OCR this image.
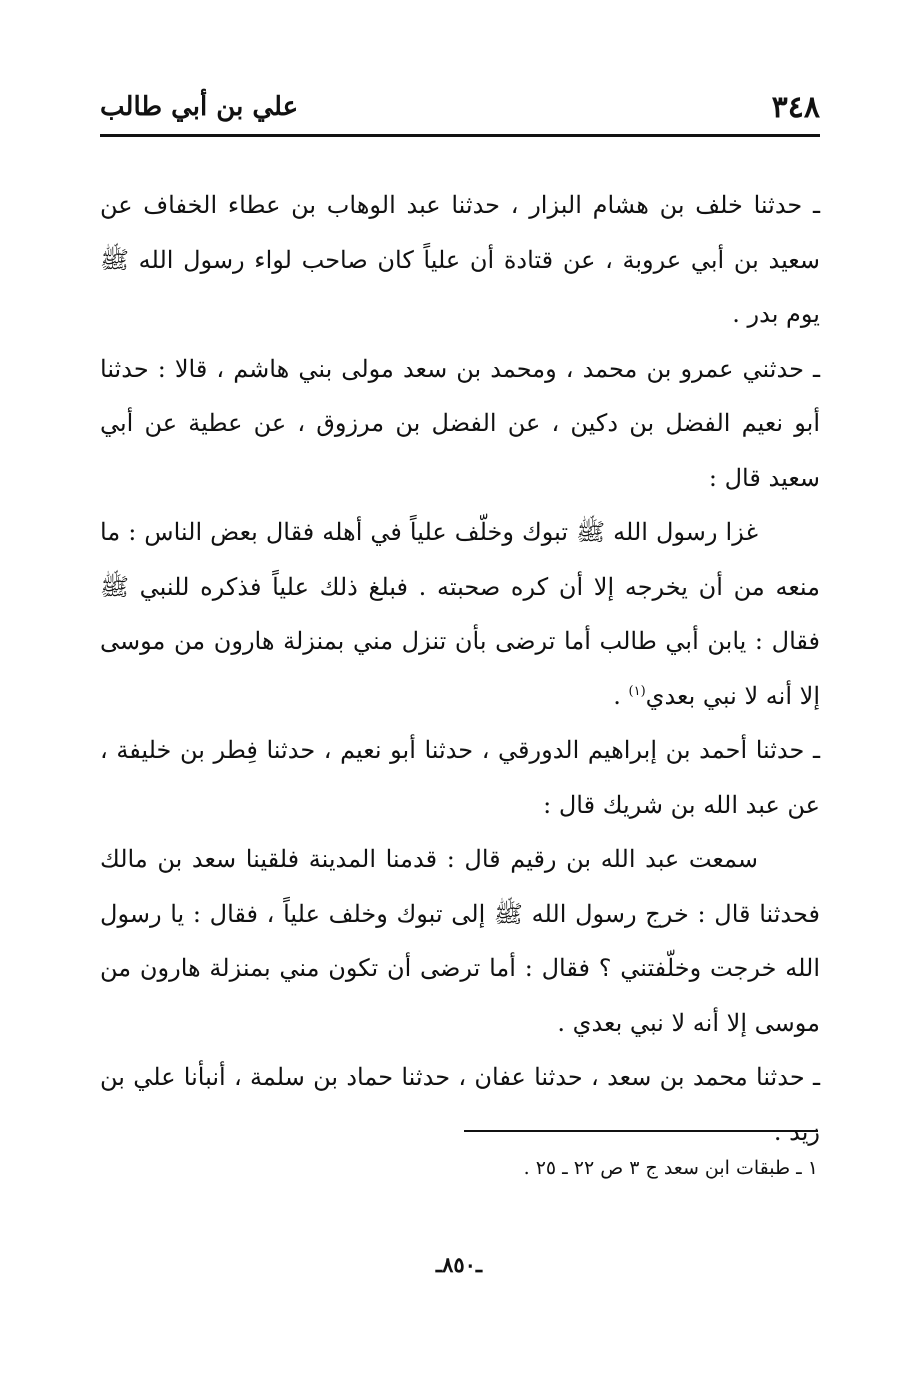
٣٤٨
علي بن أبي طالب

ـ حدثنا خلف بن هشام البزار ، حدثنا عبد الوهاب بن عطاء الخفاف عن سعيد بن أبي عروبة ، عن قتادة أن علياً كان صاحب لواء رسول الله ﷺ يوم بدر .

ـ حدثني عمرو بن محمد ، ومحمد بن سعد مولى بني هاشم ، قالا : حدثنا أبو نعيم الفضل بن دكين ، عن الفضل بن مرزوق ، عن عطية عن أبي سعيد قال :

غزا رسول الله ﷺ تبوك وخلّف علياً في أهله فقال بعض الناس : ما منعه من أن يخرجه إلا أن كره صحبته . فبلغ ذلك علياً فذكره للنبي ﷺ فقال : يابن أبي طالب أما ترضى بأن تنزل مني بمنزلة هارون من موسى إلا أنه لا نبي بعدي$^{(١)}$ .

ـ حدثنا أحمد بن إبراهيم الدورقي ، حدثنا أبو نعيم ، حدثنا فِطر بن خليفة ، عن عبد الله بن شريك قال :

سمعت عبد الله بن رقيم قال : قدمنا المدينة فلقينا سعد بن مالك فحدثنا قال : خرج رسول الله ﷺ إلى تبوك وخلف علياً ، فقال : يا رسول الله خرجت وخلّفتني ؟ فقال : أما ترضى أن تكون مني بمنزلة هارون من موسى إلا أنه لا نبي بعدي .

ـ حدثنا محمد بن سعد ، حدثنا عفان ، حدثنا حماد بن سلمة ، أنبأنا علي بن زيد .

١ ـ طبقات ابن سعد ج ٣ ص ٢٢ ـ ٢٥ .
ـ٨٥٠ـ
